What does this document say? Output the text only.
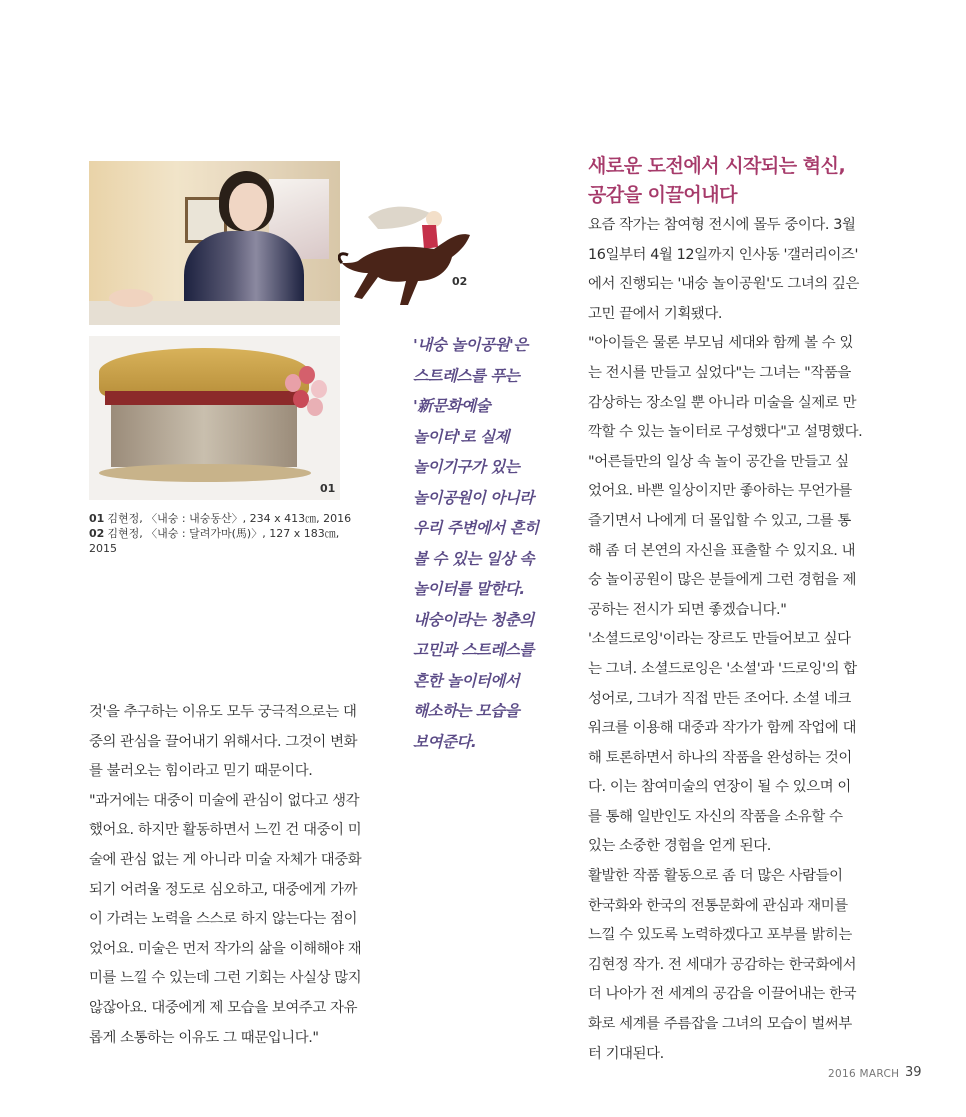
01
01 김현정, 〈내숭 : 내숭동산〉, 234 x 413㎝, 2016
02 김현정, 〈내숭 : 달려가마(馬)〉, 127 x 183㎝, 2015
02
'내숭 놀이공원'은
스트레스를 푸는
'新문화예술
놀이터'로 실제
놀이기구가 있는
놀이공원이 아니라
우리 주변에서 흔히
볼 수 있는 일상 속
놀이터를 말한다.
내숭이라는 청춘의
고민과 스트레스를
흔한 놀이터에서
해소하는 모습을
보여준다.
새로운 도전에서 시작되는 혁신,
공감을 이끌어내다
요즘 작가는 참여형 전시에 몰두 중이다. 3월
16일부터 4월 12일까지 인사동 '갤러리이즈'
에서 진행되는 '내숭 놀이공원'도 그녀의 깊은
고민 끝에서 기획됐다.
"아이들은 물론 부모님 세대와 함께 볼 수 있
는 전시를 만들고 싶었다"는 그녀는 "작품을
감상하는 장소일 뿐 아니라 미술을 실제로 만
깍할 수 있는 놀이터로 구성했다"고 설명했다.
"어른들만의 일상 속 놀이 공간을 만들고 싶
었어요. 바쁜 일상이지만 좋아하는 무언가를
즐기면서 나에게 더 몰입할 수 있고, 그를 통
해 좀 더 본연의 자신을 표출할 수 있지요. 내
숭 놀이공원이 많은 분들에게 그런 경험을 제
공하는 전시가 되면 좋겠습니다."
'소셜드로잉'이라는 장르도 만들어보고 싶다
는 그녀. 소셜드로잉은 '소셜'과 '드로잉'의 합
성어로, 그녀가 직접 만든 조어다. 소셜 네크
워크를 이용해 대중과 작가가 함께 작업에 대
해 토론하면서 하나의 작품을 완성하는 것이
다. 이는 참여미술의 연장이 될 수 있으며 이
를 통해 일반인도 자신의 작품을 소유할 수
있는 소중한 경험을 얻게 된다.
활발한 작품 활동으로 좀 더 많은 사람들이
한국화와 한국의 전통문화에 관심과 재미를
느낄 수 있도록 노력하겠다고 포부를 밝히는
김현정 작가. 전 세대가 공감하는 한국화에서
더 나아가 전 세계의 공감을 이끌어내는 한국
화로 세계를 주름잡을 그녀의 모습이 벌써부
터 기대된다.
것'을 추구하는 이유도 모두 궁극적으로는 대
중의 관심을 끌어내기 위해서다. 그것이 변화
를 불러오는 힘이라고 믿기 때문이다.
"과거에는 대중이 미술에 관심이 없다고 생각
했어요. 하지만 활동하면서 느낀 건 대중이 미
술에 관심 없는 게 아니라 미술 자체가 대중화
되기 어려울 정도로 심오하고, 대중에게 가까
이 가려는 노력을 스스로 하지 않는다는 점이
었어요. 미술은 먼저 작가의 삶을 이해해야 재
미를 느낄 수 있는데 그런 기회는 사실상 많지
않잖아요. 대중에게 제 모습을 보여주고 자유
롭게 소통하는 이유도 그 때문입니다."
2016 MARCH 39
